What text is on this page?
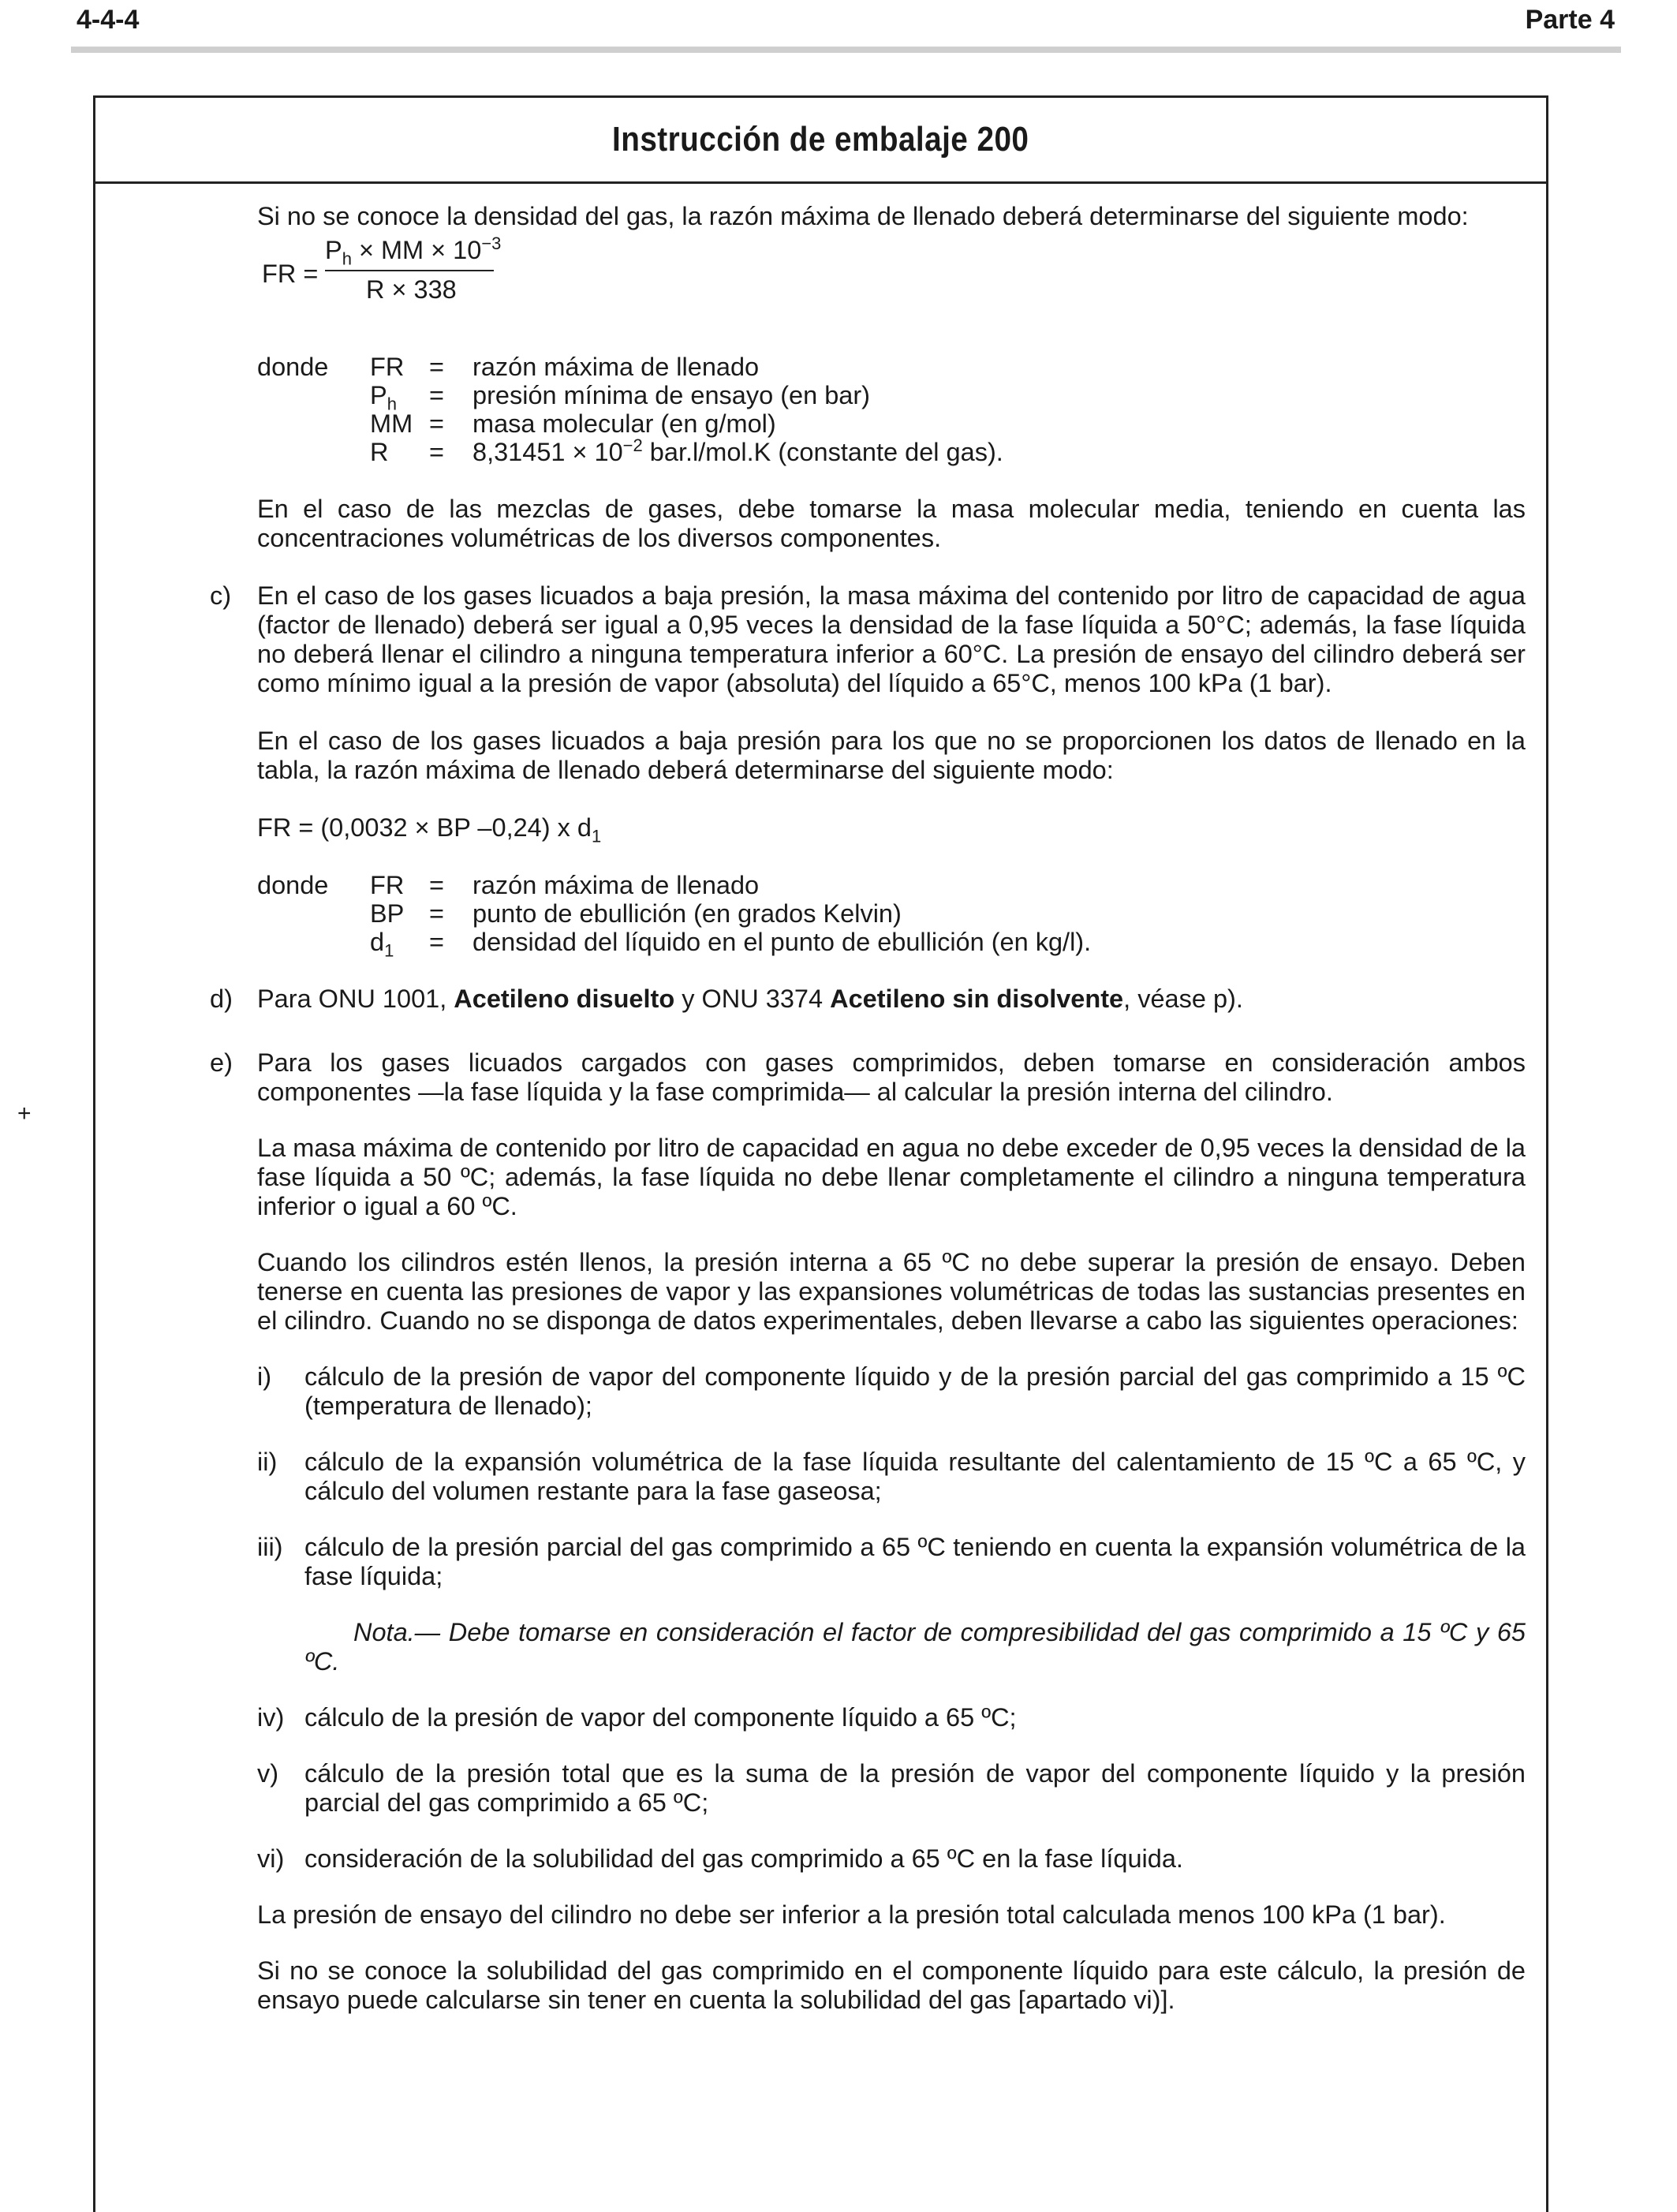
4-4-4	Parte 4
+
Instrucción de embalaje 200

Si no se conoce la densidad del gas, la razón máxima de llenado deberá determinarse del siguiente modo:

FR =
$P_h$ × MM × $10^{-3}$
R × 338
donde	FR =	razón máxima de llenado
$P_h$	=	presión mínima de ensayo (en bar)
MM =	masa molecular (en g/mol)
R	=	$8,31451 \times 10^{-2}$ bar.l/mol.K (constante del gas).

En el caso de las mezclas de gases, debe tomarse la masa molecular media, teniendo en cuenta las concentraciones volumétricas de los diversos componentes.

c) En el caso de los gases licuados a baja presión, la masa máxima del contenido por litro de capacidad de agua (factor de llenado) deberá ser igual a 0,95 veces la densidad de la fase líquida a 50°C; además, la fase líquida no deberá llenar el cilindro a ninguna temperatura inferior a 60°C. La presión de ensayo del cilindro deberá ser como mínimo igual a la presión de vapor (absoluta) del líquido a 65°C, menos 100 kPa (1 bar).

En el caso de los gases licuados a baja presión para los que no se proporcionen los datos de llenado en la tabla, la razón máxima de llenado deberá determinarse del siguiente modo:

FR = (0,0032 × BP –0,24) x $d_1$

donde	FR =	razón máxima de llenado
BP =	punto de ebullición (en grados Kelvin)
$d_1$	=	densidad del líquido en el punto de ebullición (en kg/l).
d) Para ONU 1001, Acetileno disuelto y ONU 3374 Acetileno sin disolvente, véase p).

e) Para los gases licuados cargados con gases comprimidos, deben tomarse en consideración ambos componentes —la fase líquida y la fase comprimida— al calcular la presión interna del cilindro.

La masa máxima de contenido por litro de capacidad en agua no debe exceder de 0,95 veces la densidad de la fase líquida a 50 ºC; además, la fase líquida no debe llenar completamente el cilindro a ninguna temperatura inferior o igual a 60 ºC.

Cuando los cilindros estén llenos, la presión interna a 65 ºC no debe superar la presión de ensayo. Deben tenerse en cuenta las presiones de vapor y las expansiones volumétricas de todas las sustancias presentes en el cilindro. Cuando no se disponga de datos experimentales, deben llevarse a cabo las siguientes operaciones:

i) cálculo de la presión de vapor del componente líquido y de la presión parcial del gas comprimido a 15 ºC (temperatura de llenado);

ii) cálculo de la expansión volumétrica de la fase líquida resultante del calentamiento de 15 ºC a 65 ºC, y cálculo del volumen restante para la fase gaseosa;

iii) cálculo de la presión parcial del gas comprimido a 65 ºC teniendo en cuenta la expansión volumétrica de la fase líquida;

Nota.— Debe tomarse en consideración el factor de compresibilidad del gas comprimido a 15 ºC y 65 ºC.

iv) cálculo de la presión de vapor del componente líquido a 65 ºC;

v) cálculo de la presión total que es la suma de la presión de vapor del componente líquido y la presión parcial del gas comprimido a 65 ºC;

vi) consideración de la solubilidad del gas comprimido a 65 ºC en la fase líquida.

La presión de ensayo del cilindro no debe ser inferior a la presión total calculada menos 100 kPa (1 bar).

Si no se conoce la solubilidad del gas comprimido en el componente líquido para este cálculo, la presión de ensayo puede calcularse sin tener en cuenta la solubilidad del gas [apartado vi)].
